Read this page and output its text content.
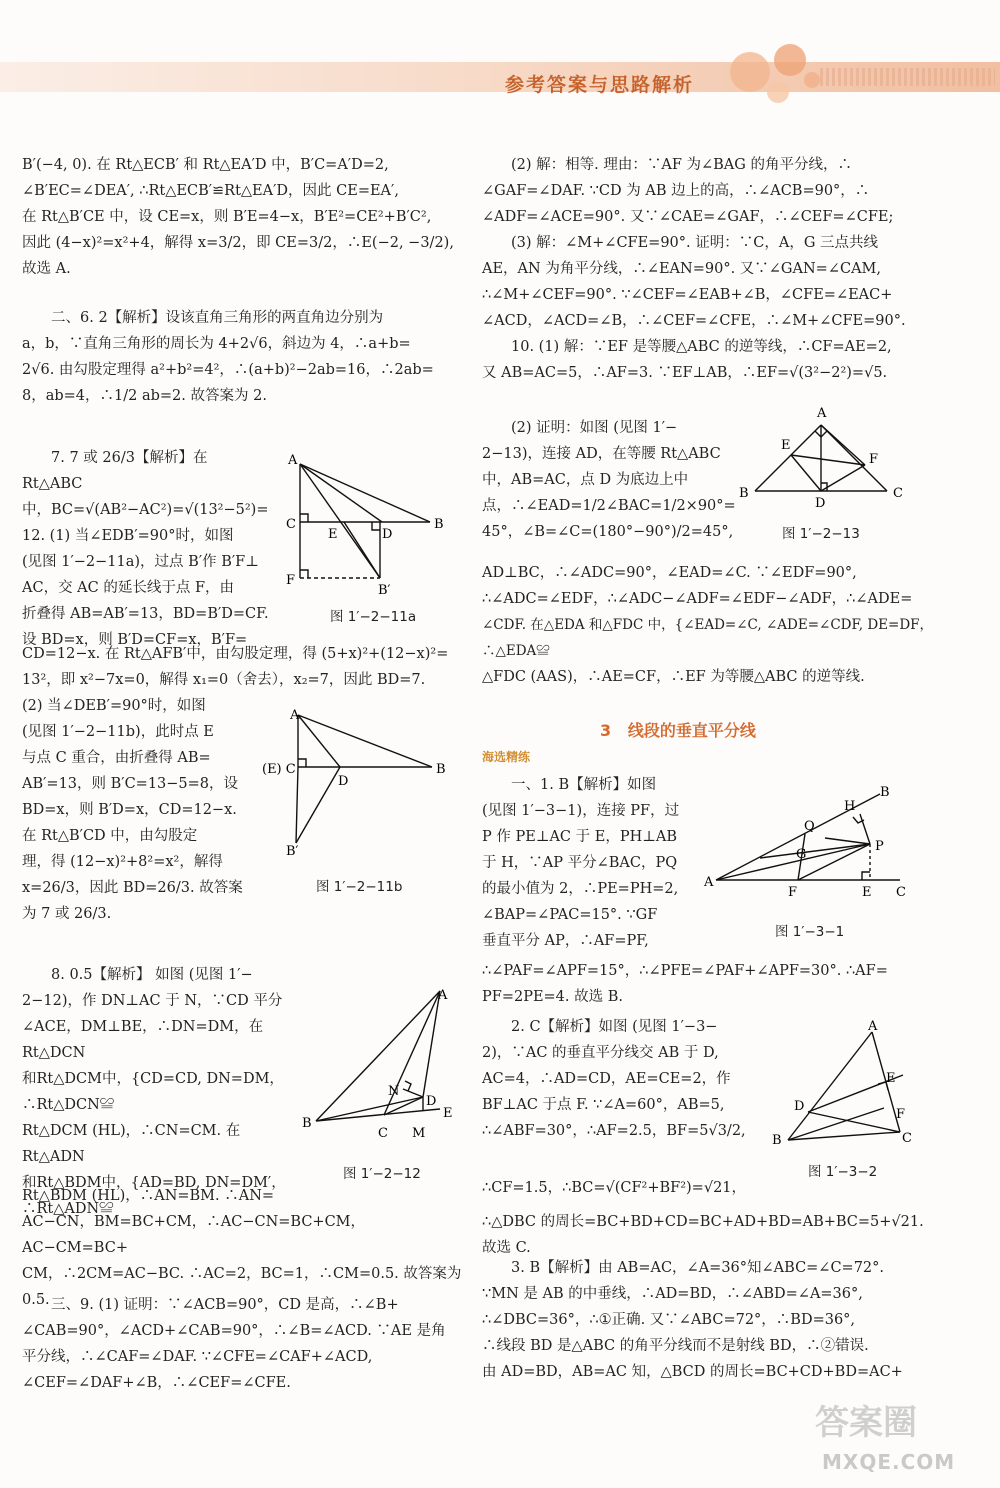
参考答案与思路解析

B′(−4, 0). 在 Rt△ECB′ 和 Rt△EA′D 中，B′C=A′D=2,

∠B′EC=∠DEA′, ∴Rt△ECB′≌Rt△EA′D，因此 CE=EA′,

在 Rt△B′CE 中，设 CE=x，则 B′E=4−x，B′E²=CE²+B′C²,

因此 (4−x)²=x²+4，解得 x=3/2，即 CE=3/2，∴E(−2, −3/2),

故选 A.

二、6. 2【解析】设该直角三角形的两直角边分别为

a，b，∵直角三角形的周长为 4+2√6，斜边为 4，∴a+b=

2√6. 由勾股定理得 a²+b²=4²，∴(a+b)²−2ab=16，∴2ab=

8，ab=4，∴1/2 ab=2. 故答案为 2.

7. 7 或 26/3【解析】在 Rt△ABC

中，BC=√(AB²−AC²)=√(13²−5²)=

12. (1) 当∠EDB′=90°时，如图

(见图 1′−2−11a)，过点 B′作 B′F⊥

AC，交 AC 的延长线于点 F，由

折叠得 AB=AB′=13，BD=B′D=CF.

设 BD=x，则 B′D=CF=x，B′F=

CD=12−x. 在 Rt△AFB′中，由勾股定理，得 (5+x)²+(12−x)²=

13²，即 x²−7x=0，解得 x₁=0（舍去），x₂=7，因此 BD=7.

(2) 当∠DEB′=90°时，如图

(见图 1′−2−11b)，此时点 E

与点 C 重合，由折叠得 AB=

AB′=13，则 B′C=13−5=8，设

BD=x，则 B′D=x，CD=12−x.

在 Rt△B′CD 中，由勾股定

理，得 (12−x)²+8²=x²，解得

x=26/3，因此 BD=26/3. 故答案

为 7 或 26/3.

8. 0.5【解析】 如图 (见图 1′−

2−12)，作 DN⊥AC 于 N，∵CD 平分

∠ACE，DM⊥BE，∴DN=DM，在Rt△DCN

和Rt△DCM中，{CD=CD, DN=DM，∴Rt△DCN≌

Rt△DCM (HL)，∴CN=CM. 在 Rt△ADN

和Rt△BDM中，{AD=BD, DN=DM′，∴Rt△ADN≌

Rt△BDM (HL)，∴AN=BM. ∴AN=

AC−CN，BM=BC+CM，∴AC−CN=BC+CM，AC−CM=BC+

CM，∴2CM=AC−BC. ∴AC=2，BC=1，∴CM=0.5. 故答案为

0.5. 三、9. (1) 证明：∵∠ACB=90°，CD 是高，∴∠B+

∠CAB=90°，∠ACD+∠CAB=90°，∴∠B=∠ACD. ∵AE 是角

平分线，∴∠CAF=∠DAF. ∵∠CFE=∠CAF+∠ACD,

∠CEF=∠DAF+∠B，∴∠CEF=∠CFE.

A
C
E	D
B
F
B′
图 1′−2−11a
A
(E) C
D
B
B′
图 1′−2−11b
A
N
D
B
C M
E
图 1′−2−12

(2) 解：相等. 理由：∵AF 为∠BAG 的角平分线，∴

∠GAF=∠DAF. ∵CD 为 AB 边上的高，∴∠ACB=90°，∴

∠ADF=∠ACE=90°. 又∵∠CAE=∠GAF，∴∠CEF=∠CFE;

(3) 解：∠M+∠CFE=90°. 证明：∵C，A，G 三点共线

AE，AN 为角平分线，∴∠EAN=90°. 又∵∠GAN=∠CAM,

∴∠M+∠CEF=90°. ∵∠CEF=∠EAB+∠B，∠CFE=∠EAC+

∠ACD，∠ACD=∠B，∴∠CEF=∠CFE，∴∠M+∠CFE=90°.

10. (1) 解：∵EF 是等腰△ABC 的逆等线，∴CF=AE=2,

又 AB=AC=5，∴AF=3. ∵EF⊥AB，∴EF=√(3²−2²)=√5.

(2) 证明：如图 (见图 1′−

2−13)，连接 AD，在等腰 Rt△ABC

中，AB=AC，点 D 为底边上中

点，∴∠EAD=1/2∠BAC=1/2×90°=

45°，∠B=∠C=(180°−90°)/2=45°,

AD⊥BC，∴∠ADC=90°，∠EAD=∠C. ∵∠EDF=90°,

∴∠ADC=∠EDF，∴∠ADC−∠ADF=∠EDF−∠ADF，∴∠ADE=

∠CDF. 在△EDA 和△FDC 中，{∠EAD=∠C, ∠ADE=∠CDF, DE=DF，∴△EDA≌

△FDC (AAS)，∴AE=CF，∴EF 为等腰△ABC 的逆等线.

A
E
F
B
D
C
图 1′−2−13
3 线段的垂直平分线
海选精练

一、1. B【解析】如图

(见图 1′−3−1)，连接 PF，过

P 作 PE⊥AC 于 E，PH⊥AB

于 H，∵AP 平分∠BAC，PQ

的最小值为 2，∴PE=PH=2,

∠BAP=∠PAC=15°. ∵GF

垂直平分 AP，∴AF=PF,

∴∠PAF=∠APF=15°，∴∠PFE=∠PAF+∠APF=30°. ∴AF=

PF=2PE=4. 故选 B.

B
H
Q
G
P
A
F	E C
图 1′−3−1

2. C【解析】如图 (见图 1′−3−

2)，∵AC 的垂直平分线交 AB 于 D,

AC=4，∴AD=CD，AE=CE=2，作

BF⊥AC 于点 F. ∵∠A=60°，AB=5,

∴∠ABF=30°，∴AF=2.5，BF=5√3/2,

∴CF=1.5，∴BC=√(CF²+BF²)=√21，

∴△DBC 的周长=BC+BD+CD=BC+AD+BD=AB+BC=5+√21.

故选 C.

A
E
D
F
B	C
图 1′−3−2

3. B【解析】由 AB=AC，∠A=36°知∠ABC=∠C=72°.

∵MN 是 AB 的中垂线，∴AD=BD，∴∠ABD=∠A=36°,

∴∠DBC=36°，∴①正确. 又∵∠ABC=72°，∴BD=36°,

∴线段 BD 是△ABC 的角平分线而不是射线 BD，∴②错误.

由 AD=BD，AB=AC 知，△BCD 的周长=BC+CD+BD=AC+

答案圈
MXQE.COM
